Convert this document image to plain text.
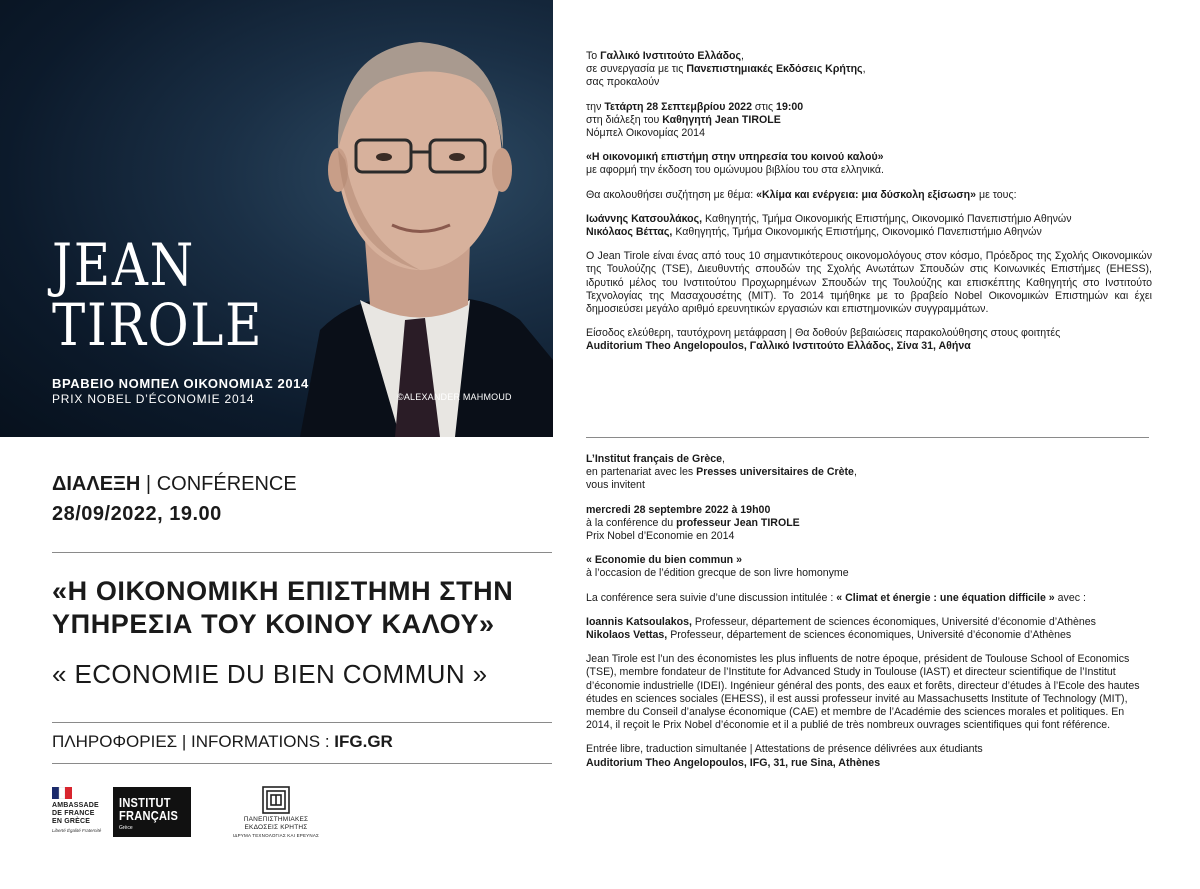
JEAN
TIROLE
ΒΡΑΒΕΙΟ ΝΟΜΠΕΛ ΟΙΚΟΝΟΜΙΑΣ 2014
PRIX NOBEL D’ÉCONOMIE 2014	©ALEXANDER MAHMOUD
ΔΙΑΛΕΞΗ | CONFÉRENCE
28/09/2022, 19.00
«Η ΟΙΚΟΝΟΜΙΚΗ ΕΠΙΣΤΗΜΗ ΣΤΗΝ ΥΠΗΡΕΣΙΑ ΤΟΥ ΚΟΙΝΟΥ ΚΑΛΟΥ»
« ECONOMIE DU BIEN COMMUN »
ΠΛΗΡΟΦΟΡΙΕΣ | INFORMATIONS : IFG.GR
AMBASSADE
DE FRANCE
EN GRÈCE
Liberté Égalité Fraternité
INSTITUT
FRANÇAIS
Grèce
ΠΑΝΕΠΙΣΤΗΜΙΑΚΕΣ
ΕΚΔΟΣΕΙΣ ΚΡΗΤΗΣ
ΙΔΡΥΜΑ ΤΕΧΝΟΛΟΓΙΑΣ ΚΑΙ ΕΡΕΥΝΑΣ

Το Γαλλικό Ινστιτούτο Ελλάδος,
σε συνεργασία με τις Πανεπιστημιακές Εκδόσεις Κρήτης,
σας προκαλούν

την Τετάρτη 28 Σεπτεμβρίου 2022 στις 19:00
στη διάλεξη του Καθηγητή Jean TIROLE
Νόμπελ Οικονομίας 2014

«Η οικονομική επιστήμη στην υπηρεσία του κοινού καλού»
με αφορμή την έκδοση του ομώνυμου βιβλίου του στα ελληνικά.

Θα ακολουθήσει συζήτηση με θέμα: «Κλίμα και ενέργεια: μια δύσκολη εξίσωση» με τους:

Ιωάννης Κατσουλάκος, Καθηγητής, Τμήμα Οικονομικής Επιστήμης, Οικονομικό Πανεπιστήμιο Αθηνών
Νικόλαος Βέττας, Καθηγητής, Τμήμα Οικονομικής Επιστήμης, Οικονομικό Πανεπιστήμιο Αθηνών

Ο Jean Tirole είναι ένας από τους 10 σημαντικότερους οικονομολόγους στον κόσμο, Πρόεδρος της Σχολής Οικονομικών της Τουλούζης (TSE), Διευθυντής σπουδών της Σχολής Ανωτάτων Σπουδών στις Κοινωνικές Επιστήμες (EHESS), ιδρυτικό μέλος του Ινστιτούτου Προχωρημένων Σπουδών της Τουλούζης και επισκέπτης Καθηγητής στο Ινστιτούτο Τεχνολογίας της Μασαχουσέτης (MIT). Το 2014 τιμήθηκε με το βραβείο Nobel Οικονομικών Επιστημών και έχει δημοσιεύσει μεγάλο αριθμό ερευνητικών εργασιών και επιστημονικών συγγραμμάτων.

Είσοδος ελεύθερη, ταυτόχρονη μετάφραση | Θα δοθούν βεβαιώσεις παρακολούθησης στους φοιτητές
Auditorium Theo Angelopoulos, Γαλλικό Ινστιτούτο Ελλάδος, Σίνα 31, Αθήνα

L’Institut français de Grèce,
en partenariat avec les Presses universitaires de Crète,
vous invitent

mercredi 28 septembre 2022 à 19h00
à la conférence du professeur Jean TIROLE
Prix Nobel d’Economie en 2014

« Economie du bien commun »
à l’occasion de l’édition grecque de son livre homonyme

La conférence sera suivie d’une discussion intitulée : « Climat et énergie : une équation difficile » avec :

Ioannis Katsoulakos, Professeur, département de sciences économiques, Université d’économie d’Athènes
Nikolaos Vettas, Professeur, département de sciences économiques, Université d’économie d’Athènes

Jean Tirole est l’un des économistes les plus influents de notre époque, président de Toulouse School of Economics (TSE), membre fondateur de l’Institute for Advanced Study in Toulouse (IAST) et directeur scientifique de l’Institut d’économie industrielle (IDEI). Ingénieur général des ponts, des eaux et forêts, directeur d’études à l’Ecole des hautes études en sciences sociales (EHESS), il est aussi professeur invité au Massachusetts Institute of Technology (MIT), membre du Conseil d’analyse économique (CAE) et membre de l’Académie des sciences morales et politiques. En 2014, il reçoit le Prix Nobel d’économie et il a publié de très nombreux ouvrages scientifiques qui font référence.

Entrée libre, traduction simultanée | Attestations de présence délivrées aux étudiants
Auditorium Theo Angelopoulos, IFG, 31, rue Sina, Athènes
